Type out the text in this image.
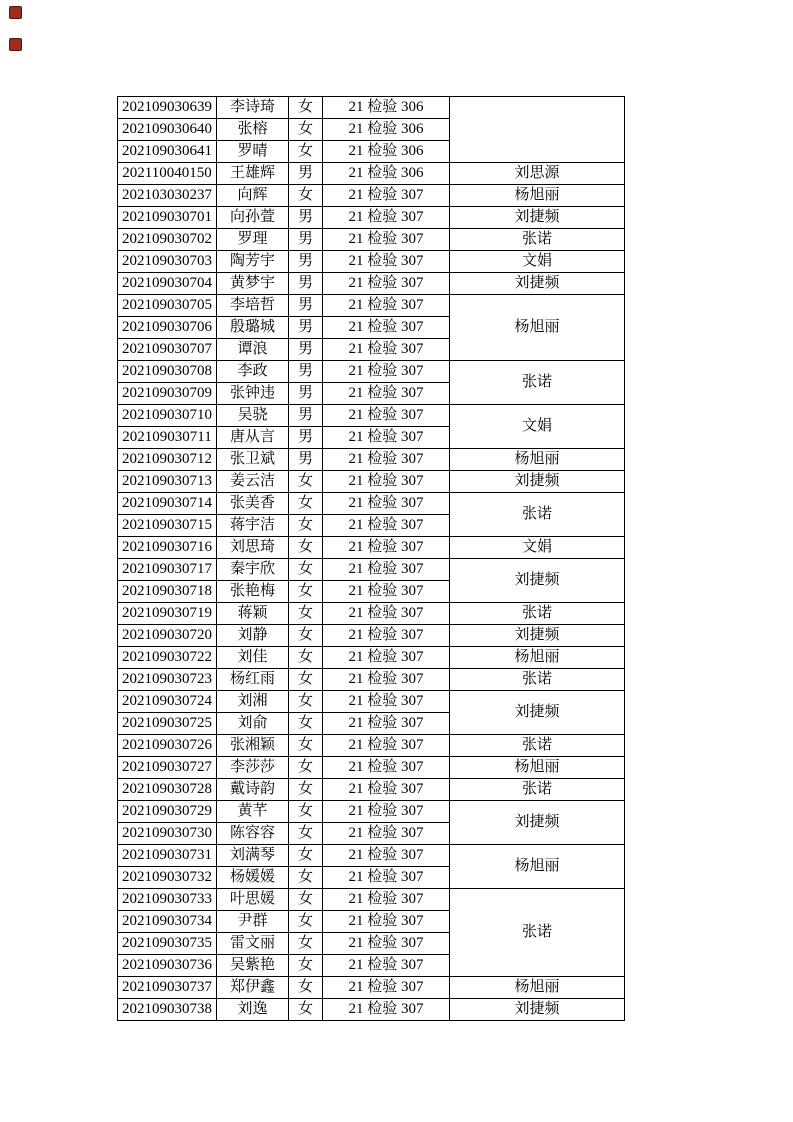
202109030639	李诗琦	女	21 检验 306	
202109030640	张榕	女	21 检验 306	
202109030641	罗晴	女	21 检验 306	
202110040150	王雄辉	男	21 检验 306	刘思源
202103030237	向辉	女	21 检验 307	杨旭丽
202109030701	向孙萱	男	21 检验 307	刘捷频
202109030702	罗理	男	21 检验 307	张诺
202109030703	陶芳宇	男	21 检验 307	文娟
202109030704	黄梦宇	男	21 检验 307	刘捷频
202109030705	李培哲	男	21 检验 307	杨旭丽
202109030706	殷璐城	男	21 检验 307	
202109030707	谭浪	男	21 检验 307	
202109030708	李政	男	21 检验 307	张诺
202109030709	张钟违	男	21 检验 307	
202109030710	吴骁	男	21 检验 307	文娟
202109030711	唐从言	男	21 检验 307	
202109030712	张卫斌	男	21 检验 307	杨旭丽
202109030713	姜云洁	女	21 检验 307	刘捷频
202109030714	张美香	女	21 检验 307	张诺
202109030715	蒋宇洁	女	21 检验 307	
202109030716	刘思琦	女	21 检验 307	文娟
202109030717	秦宇欣	女	21 检验 307	刘捷频
202109030718	张艳梅	女	21 检验 307	
202109030719	蒋颖	女	21 检验 307	张诺
202109030720	刘静	女	21 检验 307	刘捷频
202109030722	刘佳	女	21 检验 307	杨旭丽
202109030723	杨红雨	女	21 检验 307	张诺
202109030724	刘湘	女	21 检验 307	刘捷频
202109030725	刘俞	女	21 检验 307	
202109030726	张湘颖	女	21 检验 307	张诺
202109030727	李莎莎	女	21 检验 307	杨旭丽
202109030728	戴诗韵	女	21 检验 307	张诺
202109030729	黄芊	女	21 检验 307	刘捷频
202109030730	陈容容	女	21 检验 307	
202109030731	刘满琴	女	21 检验 307	杨旭丽
202109030732	杨媛媛	女	21 检验 307	
202109030733	叶思媛	女	21 检验 307	张诺
202109030734	尹群	女	21 检验 307	
202109030735	雷文丽	女	21 检验 307	
202109030736	吴紫艳	女	21 检验 307	
202109030737	郑伊鑫	女	21 检验 307	杨旭丽
202109030738	刘逸	女	21 检验 307	刘捷频
